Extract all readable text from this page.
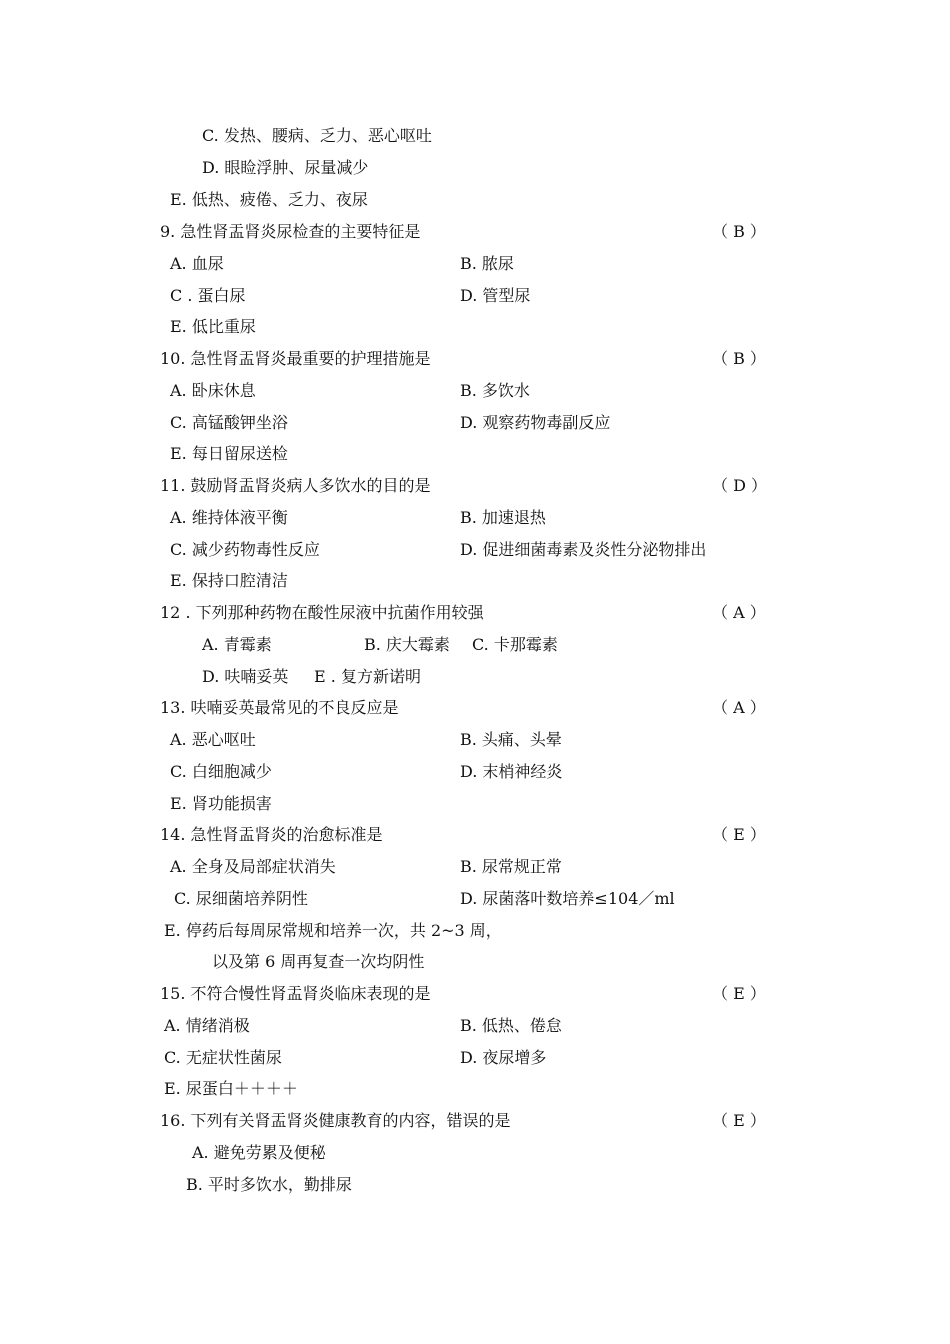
C. 发热、腰病、乏力、恶心呕吐
D. 眼睑浮肿、尿量减少
E. 低热、疲倦、乏力、夜尿
9. 急性肾盂肾炎尿检查的主要特征是	（ B ）
A. 血尿	B. 脓尿
C . 蛋白尿	D. 管型尿
E. 低比重尿
10. 急性肾盂肾炎最重要的护理措施是	（ B ）
A. 卧床休息	B. 多饮水
C. 高锰酸钾坐浴	D. 观察药物毒副反应
E. 每日留尿送检
11. 鼓励肾盂肾炎病人多饮水的目的是	（ D ）
A. 维持体液平衡	B. 加速退热
C. 减少药物毒性反应	D. 促进细菌毒素及炎性分泌物排出
E. 保持口腔清洁
12 . 下列那种药物在酸性尿液中抗菌作用较强	（ A ）
A. 青霉素	B. 庆大霉素 C. 卡那霉素
D. 呋喃妥英 E . 复方新诺明
13. 呋喃妥英最常见的不良反应是	（ A ）
A. 恶心呕吐	B. 头痛、头晕
C. 白细胞减少	D. 末梢神经炎
E. 肾功能损害
14. 急性肾盂肾炎的治愈标准是	（ E ）
A. 全身及局部症状消失	B. 尿常规正常
C. 尿细菌培养阴性	D. 尿菌落叶数培养≤104／ml
E. 停药后每周尿常规和培养一次，共 2~3 周，
以及第 6 周再复查一次均阴性
15. 不符合慢性肾盂肾炎临床表现的是	（ E ）
A. 情绪消极	B. 低热、倦怠
C. 无症状性菌尿	D. 夜尿增多
E. 尿蛋白＋＋＋＋
16. 下列有关肾盂肾炎健康教育的内容，错误的是	（ E ）
A. 避免劳累及便秘
B. 平时多饮水，勤排尿
